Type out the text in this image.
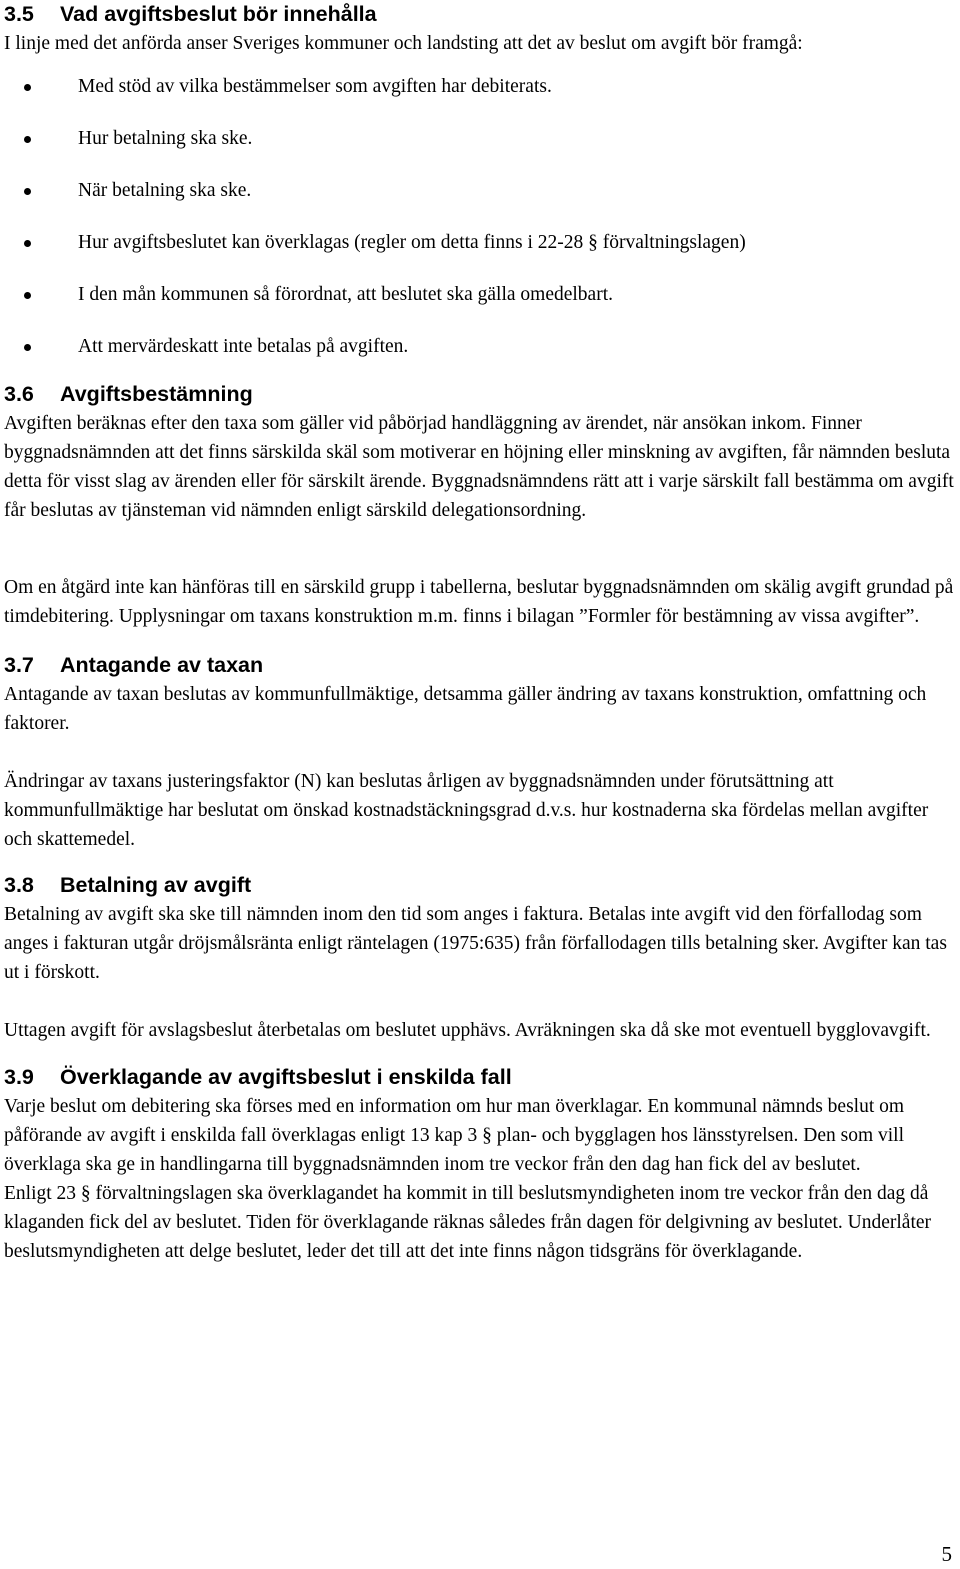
3.5 Vad avgiftsbeslut bör innehålla

I linje med det anförda anser Sveriges kommuner och landsting att det av beslut om avgift bör framgå:

Med stöd av vilka bestämmelser som avgiften har debiterats.
Hur betalning ska ske.
När betalning ska ske.
Hur avgiftsbeslutet kan överklagas (regler om detta finns i 22-28 § förvaltningslagen)
I den mån kommunen så förordnat, att beslutet ska gälla omedelbart.
Att mervärdeskatt inte betalas på avgiften.
3.6 Avgiftsbestämning

Avgiften beräknas efter den taxa som gäller vid påbörjad handläggning av ärendet, när ansökan inkom. Finner byggnadsnämnden att det finns särskilda skäl som motiverar en höjning eller minskning av avgiften, får nämnden besluta detta för visst slag av ärenden eller för särskilt ärende. Byggnadsnämndens rätt att i varje särskilt fall bestämma om avgift får beslutas av tjänsteman vid nämnden enligt särskild delegationsordning.

Om en åtgärd inte kan hänföras till en särskild grupp i tabellerna, beslutar byggnadsnämnden om skälig avgift grundad på timdebitering. Upplysningar om taxans konstruktion m.m. finns i bilagan ”Formler för bestämning av vissa avgifter”.

3.7 Antagande av taxan

Antagande av taxan beslutas av kommunfullmäktige, detsamma gäller ändring av taxans konstruktion, omfattning och faktorer.

Ändringar av taxans justeringsfaktor (N) kan beslutas årligen av byggnadsnämnden under förutsättning att kommunfullmäktige har beslutat om önskad kostnadstäckningsgrad d.v.s. hur kostnaderna ska fördelas mellan avgifter och skattemedel.

3.8 Betalning av avgift

Betalning av avgift ska ske till nämnden inom den tid som anges i faktura. Betalas inte avgift vid den förfallodag som anges i fakturan utgår dröjsmålsränta enligt räntelagen (1975:635) från förfallodagen tills betalning sker. Avgifter kan tas ut i förskott.

Uttagen avgift för avslagsbeslut återbetalas om beslutet upphävs. Avräkningen ska då ske mot eventuell bygglovavgift.

3.9 Överklagande av avgiftsbeslut i enskilda fall

Varje beslut om debitering ska förses med en information om hur man överklagar. En kommunal nämnds beslut om påförande av avgift i enskilda fall överklagas enligt 13 kap 3 § plan- och bygglagen hos länsstyrelsen. Den som vill överklaga ska ge in handlingarna till byggnadsnämnden inom tre veckor från den dag han fick del av beslutet.

Enligt 23 § förvaltningslagen ska överklagandet ha kommit in till beslutsmyndigheten inom tre veckor från den dag då klaganden fick del av beslutet. Tiden för överklagande räknas således från dagen för delgivning av beslutet. Underlåter beslutsmyndigheten att delge beslutet, leder det till att det inte finns någon tidsgräns för överklagande.

5
